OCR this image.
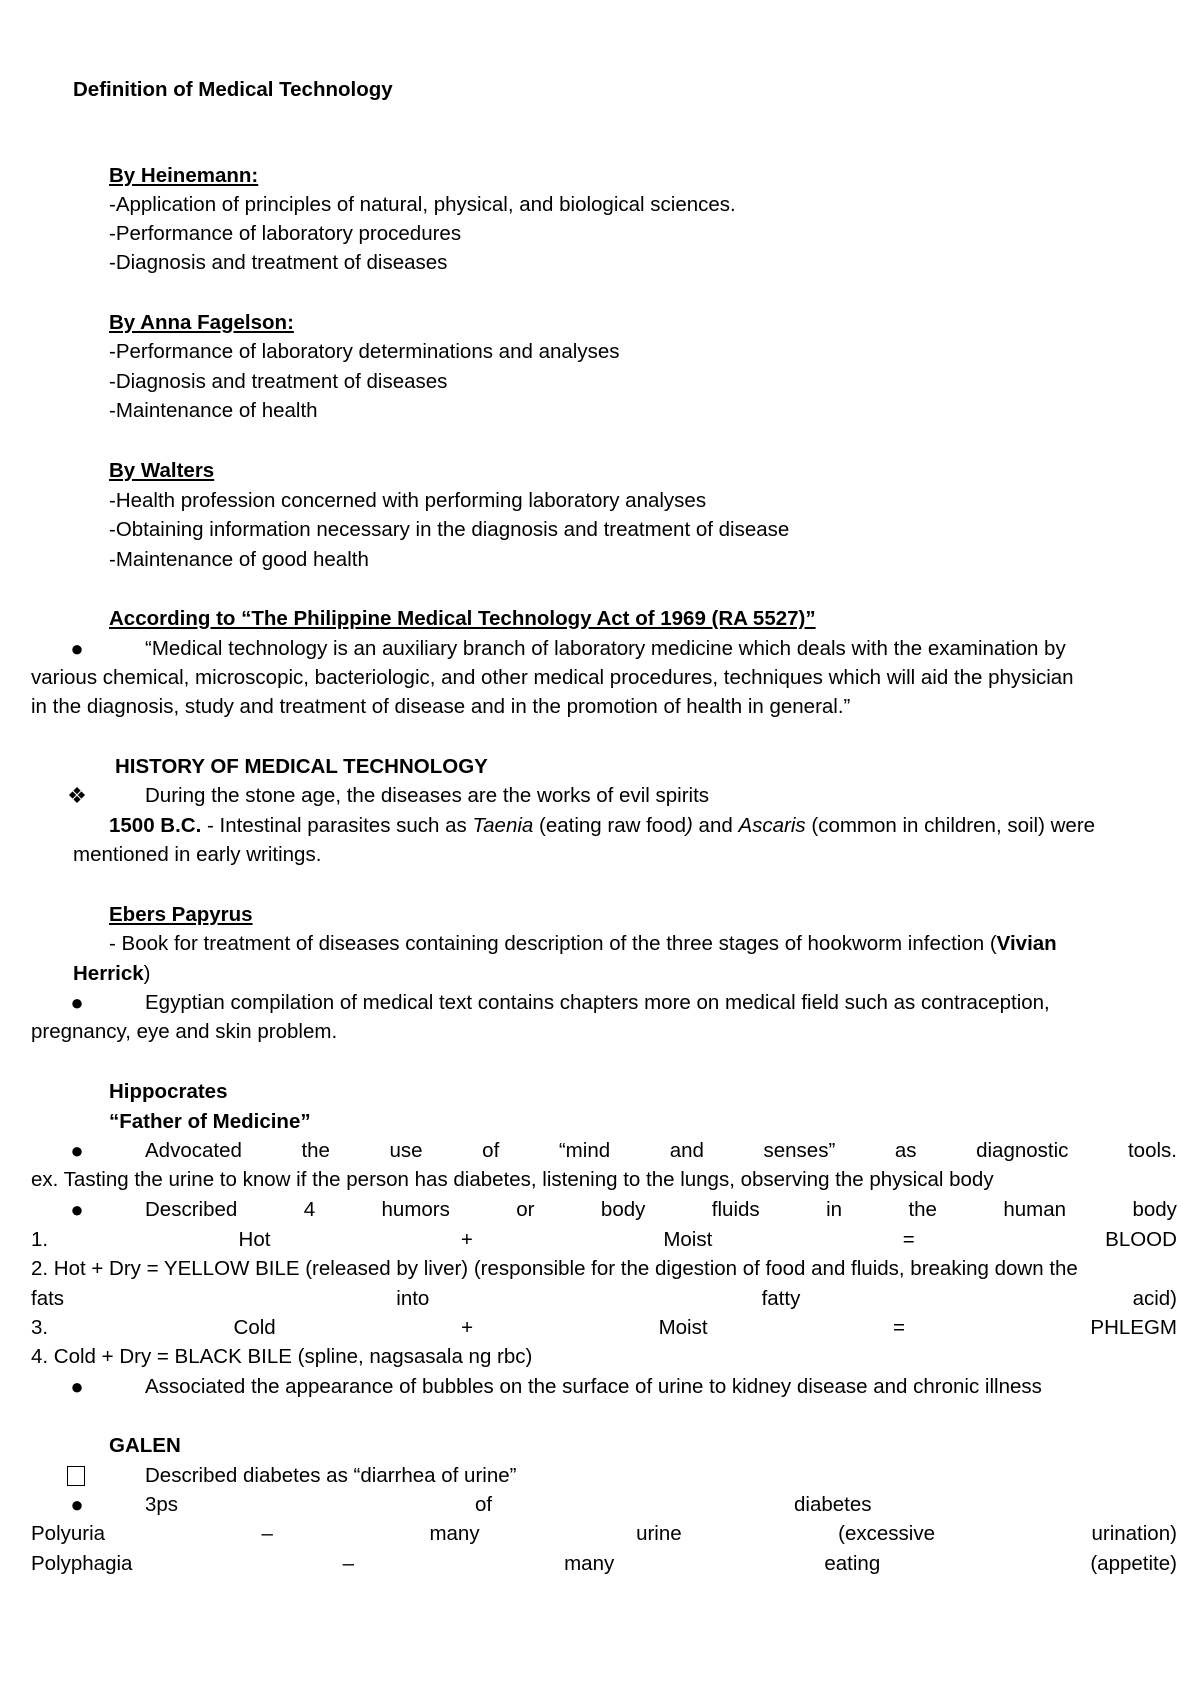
Definition of Medical Technology
By Heinemann:
-Application of principles of natural, physical, and biological sciences.
-Performance of laboratory procedures
-Diagnosis and treatment of diseases
By Anna Fagelson:
-Performance of laboratory determinations and analyses
-Diagnosis and treatment of diseases
-Maintenance of health
By Walters
-Health profession concerned with performing laboratory analyses
-Obtaining information necessary in the diagnosis and treatment of disease
-Maintenance of good health
According to “The Philippine Medical Technology Act of 1969 (RA 5527)”
●	“Medical technology is an auxiliary branch of laboratory medicine which deals with the examination by
various chemical, microscopic, bacteriologic, and other medical procedures, techniques which will aid the physician
in the diagnosis, study and treatment of disease and in the promotion of health in general.”
HISTORY OF MEDICAL TECHNOLOGY
❖	During the stone age, the diseases are the works of evil spirits
1500 B.C. - Intestinal parasites such as Taenia (eating raw food) and Ascaris (common in children, soil) were
mentioned in early writings.
Ebers Papyrus
- Book for treatment of diseases containing description of the three stages of hookworm infection (Vivian
Herrick)
●	Egyptian compilation of medical text contains chapters more on medical field such as contraception,
pregnancy, eye and skin problem.
Hippocrates
“Father of Medicine”
●	Advocated	the	use	of	“mind	and	senses”	as	diagnostic	tools.
ex. Tasting the urine to know if the person has diabetes, listening to the lungs, observing the physical body
●	Described	4	humors	or	body	fluids	in	the	human	body
1.	Hot	+	Moist	=	BLOOD
2. Hot + Dry = YELLOW BILE (released by liver) (responsible for the digestion of food and fluids, breaking down the
fats	into	fatty	acid)
3.	Cold	+	Moist	=	PHLEGM
4. Cold + Dry = BLACK BILE (spline, nagsasala ng rbc)
●	Associated the appearance of bubbles on the surface of urine to kidney disease and chronic illness
GALEN
Described diabetes as “diarrhea of urine”
●	3ps	of	diabetes
Polyuria	–	many	urine	(excessive	urination)
Polyphagia	–	many	eating	(appetite)
